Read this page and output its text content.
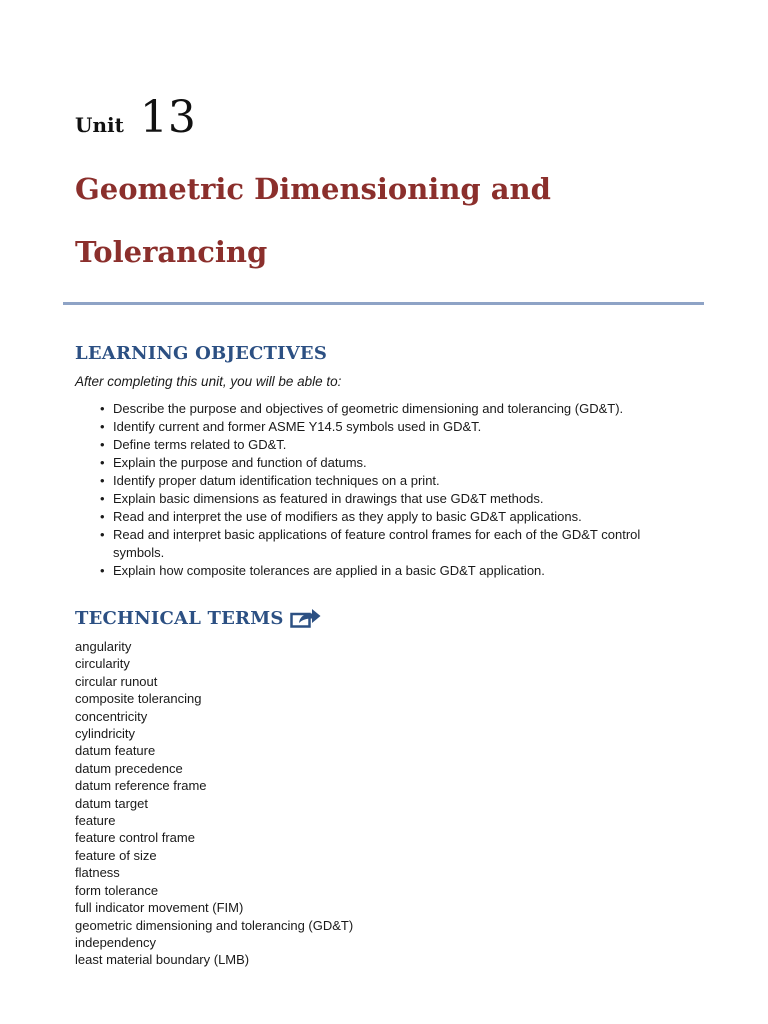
Unit 13
Geometric Dimensioning and Tolerancing
LEARNING OBJECTIVES
After completing this unit, you will be able to:
• Describe the purpose and objectives of geometric dimensioning and tolerancing (GD&T).
• Identify current and former ASME Y14.5 symbols used in GD&T.
• Define terms related to GD&T.
• Explain the purpose and function of datums.
• Identify proper datum identification techniques on a print.
• Explain basic dimensions as featured in drawings that use GD&T methods.
• Read and interpret the use of modifiers as they apply to basic GD&T applications.
• Read and interpret basic applications of feature control frames for each of the GD&T control symbols.
• Explain how composite tolerances are applied in a basic GD&T application.
TECHNICAL TERMS
angularity
circularity
circular runout
composite tolerancing
concentricity
cylindricity
datum feature
datum precedence
datum reference frame
datum target
feature
feature control frame
feature of size
flatness
form tolerance
full indicator movement (FIM)
geometric dimensioning and tolerancing (GD&T)
independency
least material boundary (LMB)
